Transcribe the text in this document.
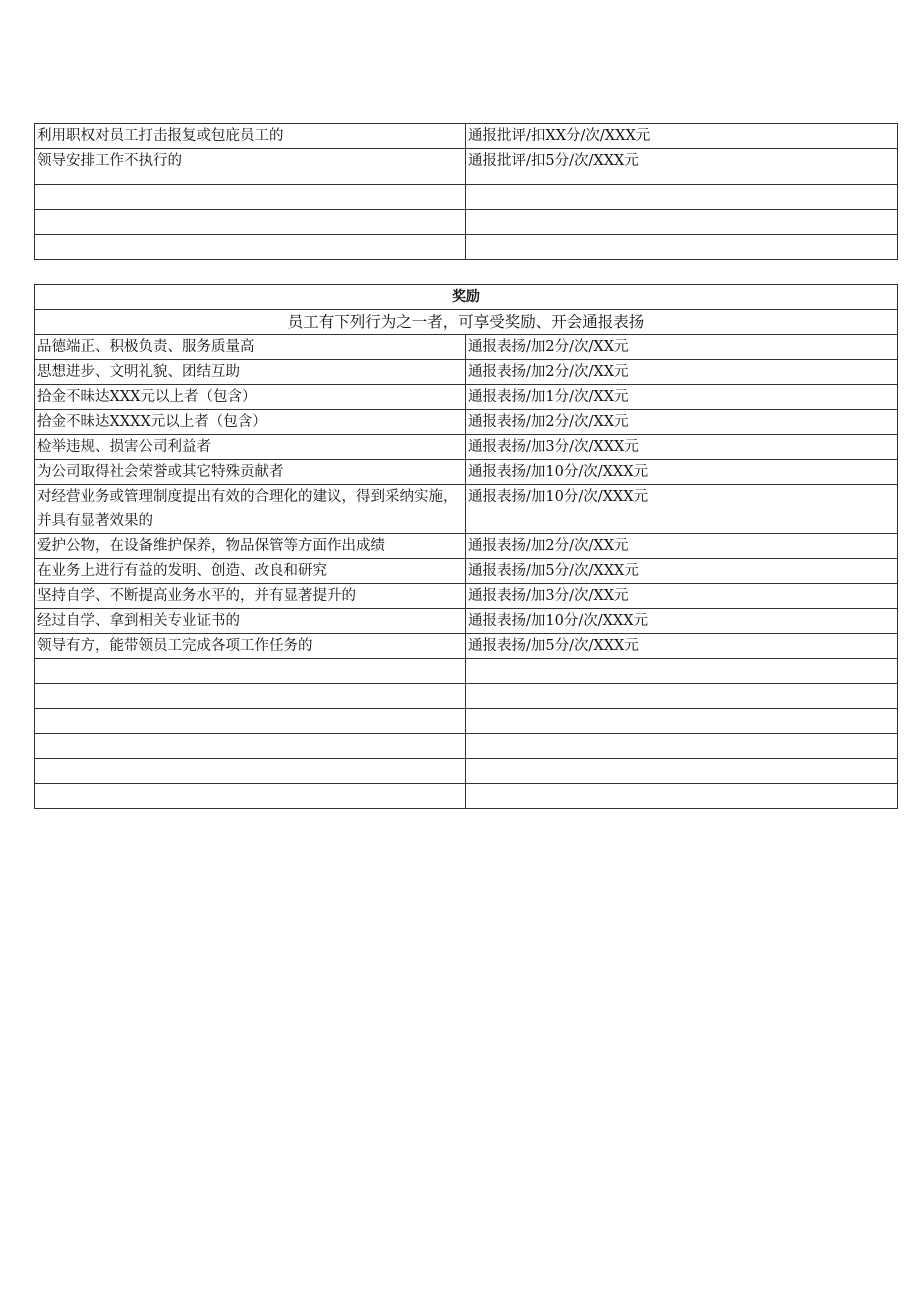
利用职权对员工打击报复或包庇员工的	通报批评/扣XX分/次/XXX元
领导安排工作不执行的	通报批评/扣5分/次/XXX元

奖励	
员工有下列行为之一者，可享受奖励、开会通报表扬	
品德端正、积极负责、服务质量高	通报表扬/加2分/次/XX元
思想进步、文明礼貌、团结互助	通报表扬/加2分/次/XX元
拾金不昧达XXX元以上者（包含）	通报表扬/加1分/次/XX元
拾金不昧达XXXX元以上者（包含）	通报表扬/加2分/次/XX元
检举违规、损害公司利益者	通报表扬/加3分/次/XXX元
为公司取得社会荣誉或其它特殊贡献者	通报表扬/加10分/次/XXX元
对经营业务或管理制度提出有效的合理化的建议，得到采纳实施，并具有显著效果的	通报表扬/加10分/次/XXX元
爱护公物，在设备维护保养，物品保管等方面作出成绩	通报表扬/加2分/次/XX元
在业务上进行有益的发明、创造、改良和研究	通报表扬/加5分/次/XXX元
坚持自学、不断提高业务水平的，并有显著提升的	通报表扬/加3分/次/XX元
经过自学、拿到相关专业证书的	通报表扬/加10分/次/XXX元
领导有方，能带领员工完成各项工作任务的	通报表扬/加5分/次/XXX元
